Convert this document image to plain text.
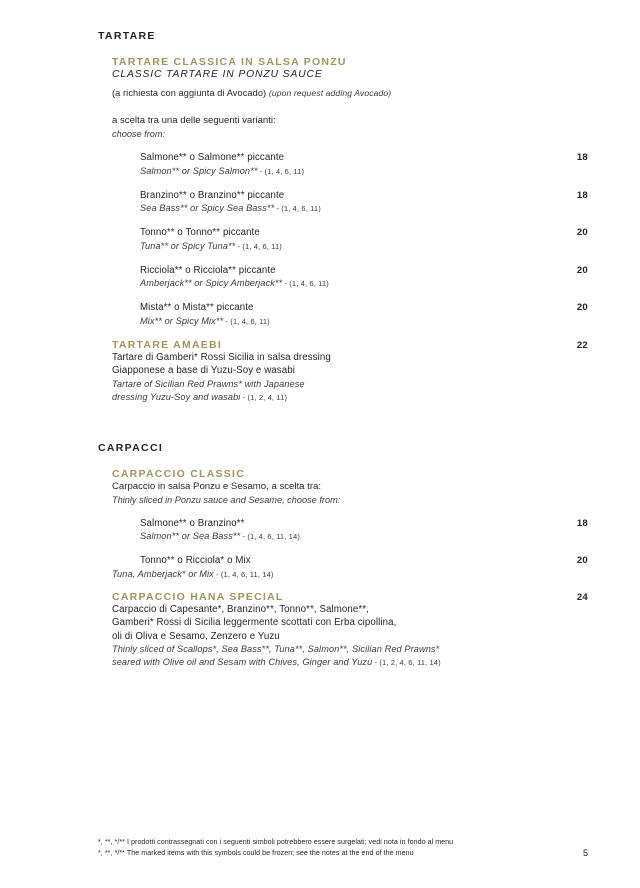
TARTARE
TARTARE CLASSICA IN SALSA PONZU
CLASSIC TARTARE IN PONZU SAUCE
(a richiesta con aggiunta di Avocado) (upon request adding Avocado)
a scelta tra una delle seguenti varianti:
choose from:
Salmone** o Salmone** piccante
Salmon** or Spicy Salmon** - (1, 4, 6, 11)
18
Branzino** o Branzino** piccante
Sea Bass** or Spicy Sea Bass** - (1, 4, 6, 11)
18
Tonno** o Tonno** piccante
Tuna** or Spicy Tuna** - (1, 4, 6, 11)
20
Ricciola** o Ricciola** piccante
Amberjack** or Spicy Amberjack** - (1, 4, 6, 11)
20
Mista** o Mista** piccante
Mix** or Spicy Mix** - (1, 4, 6, 11)
20
TARTARE AMAEBI
Tartare di Gamberi* Rossi Sicilia in salsa dressing
Giapponese a base di Yuzu-Soy e wasabi
Tartare of Sicilian Red Prawns* with Japanese
dressing Yuzu-Soy and wasabi - (1, 2, 4, 11)
22
CARPACCI
CARPACCIO CLASSIC
Carpaccio in salsa Ponzu e Sesamo, a scelta tra:
Thinly sliced in Ponzu sauce and Sesame, choose from:
Salmone** o Branzino**
Salmon** or Sea Bass** - (1, 4, 6, 11, 14)
18
Tonno** o Ricciola* o Mix	20
Tuna, Amberjack* or Mix - (1, 4, 6, 11, 14)
CARPACCIO HANA SPECIAL
Carpaccio di Capesante*, Branzino**, Tonno**, Salmone**,
Gamberi* Rossi di Sicilia leggermente scottati con Erba cipollina,
oli di Oliva e Sesamo, Zenzero e Yuzu
Thinly sliced of Scallops*, Sea Bass**, Tuna**, Salmon**, Sicilian Red Prawns*
seared with Olive oil and Sesam with Chives, Ginger and Yuzu - (1, 2, 4, 6, 11, 14)
24
*, **, */** I prodotti contrassegnati con i seguenti simboli potrebbero essere surgelati; vedi nota in fondo al menu
*, **, */** The marked items with this symbols could be frozen; see the notes at the end of the menu	5
